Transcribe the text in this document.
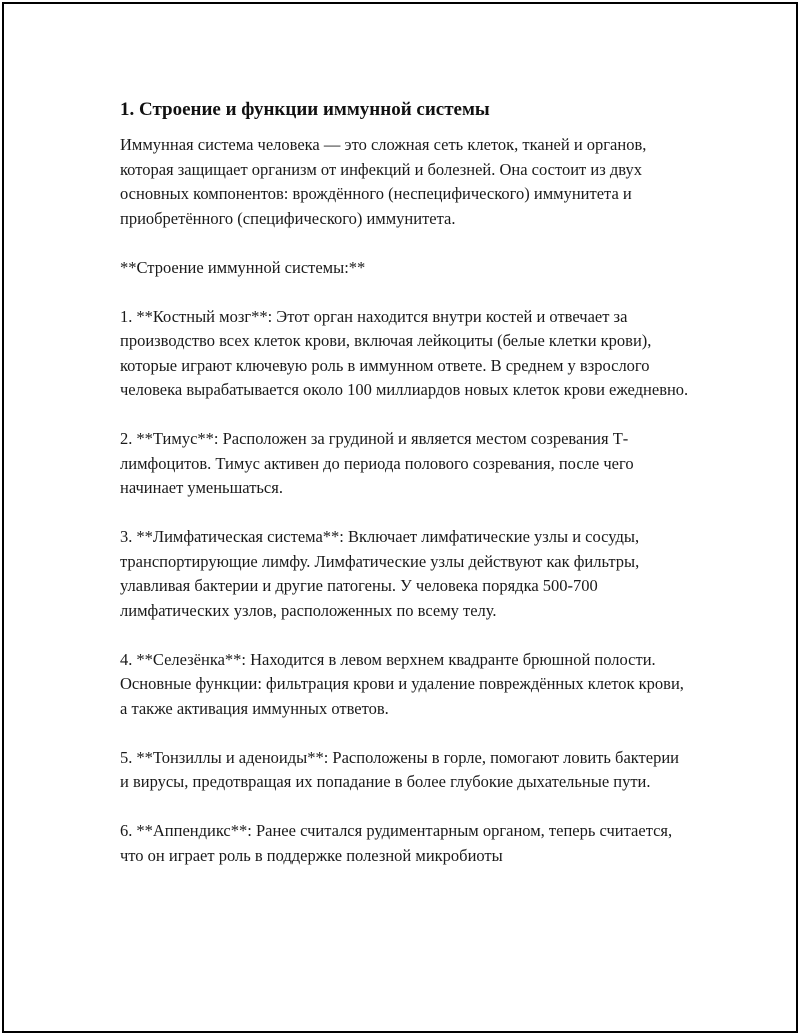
1. Строение и функции иммунной системы

Иммунная система человека — это сложная сеть клеток, тканей и органов, которая защищает организм от инфекций и болезней. Она состоит из двух основных компонентов: врождённого (неспецифического) иммунитета и приобретённого (специфического) иммунитета.

**Строение иммунной системы:**

1. **Костный мозг**: Этот орган находится внутри костей и отвечает за производство всех клеток крови, включая лейкоциты (белые клетки крови), которые играют ключевую роль в иммунном ответе. В среднем у взрослого человека вырабатывается около 100 миллиардов новых клеток крови ежедневно.

2. **Тимус**: Расположен за грудиной и является местом созревания Т-лимфоцитов. Тимус активен до периода полового созревания, после чего начинает уменьшаться.

3. **Лимфатическая система**: Включает лимфатические узлы и сосуды, транспортирующие лимфу. Лимфатические узлы действуют как фильтры, улавливая бактерии и другие патогены. У человека порядка 500-700 лимфатических узлов, расположенных по всему телу.

4. **Селезёнка**: Находится в левом верхнем квадранте брюшной полости. Основные функции: фильтрация крови и удаление повреждённых клеток крови, а также активация иммунных ответов.

5. **Тонзиллы и аденоиды**: Расположены в горле, помогают ловить бактерии и вирусы, предотвращая их попадание в более глубокие дыхательные пути.

6. **Аппендикс**: Ранее считался рудиментарным органом, теперь считается, что он играет роль в поддержке полезной микробиоты
